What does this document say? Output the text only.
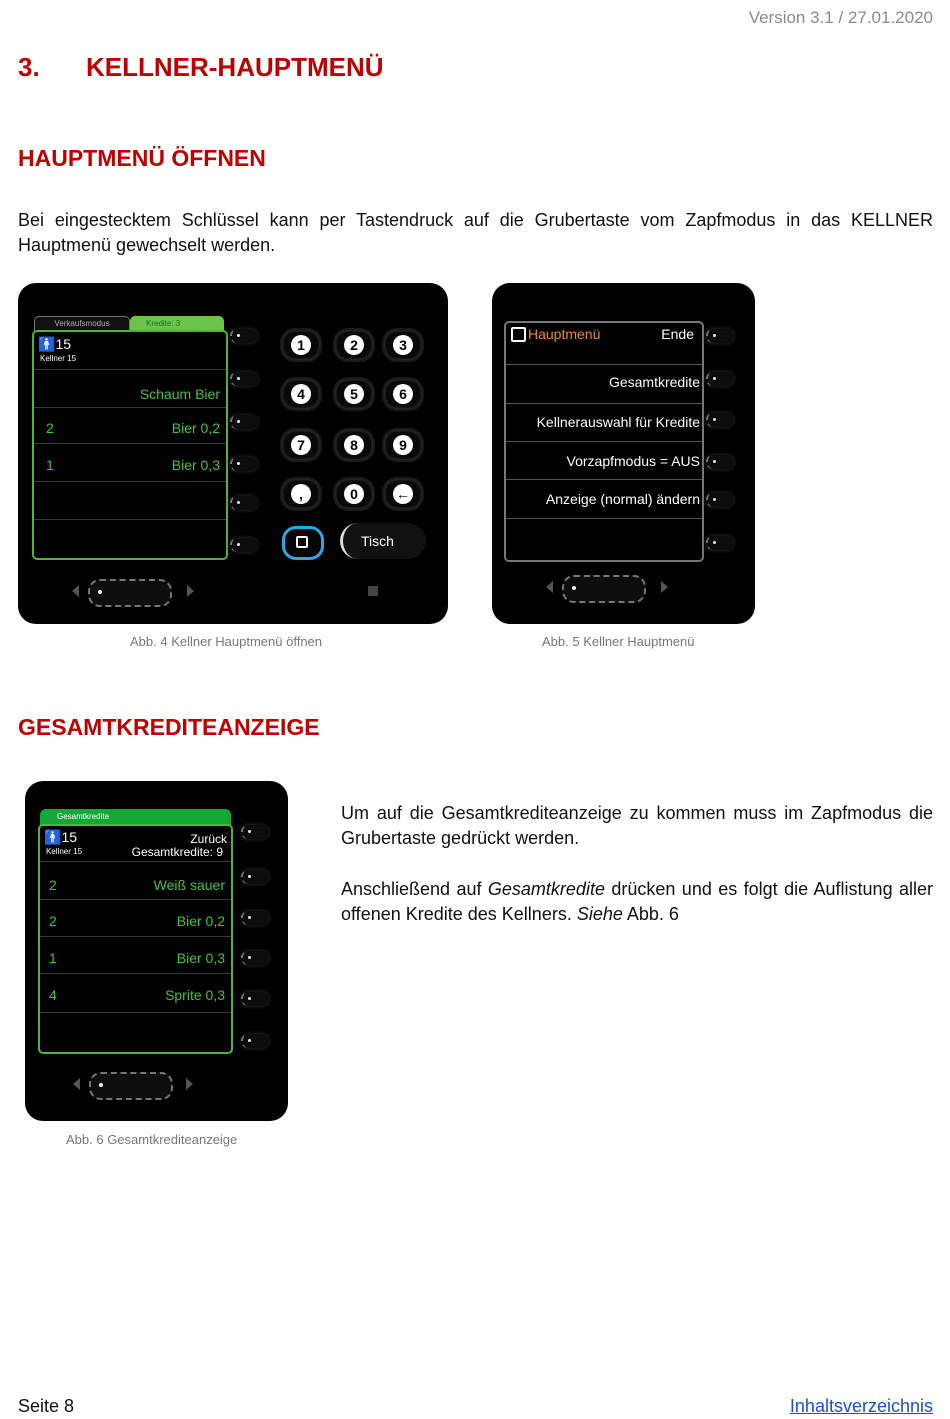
Version 3.1 / 27.01.2020
3. KELLNER-HAUPTMENÜ
HAUPTMENÜ ÖFFNEN
Bei eingestecktem Schlüssel kann per Tastendruck auf die Grubertaste vom Zapfmodus in das KELLNER Hauptmenü gewechselt werden.
Verkaufsmodus	Kredite: 3
🚹15
Kellner 15
Schaum Bier
2	Bier 0,2
1	Bier 0,3
1	2	3
4	5	6
7	8	9
,	0	←
Tisch
Abb. 4 Kellner Hauptmenü öffnen
Hauptmenü	Ende
Gesamtkredite
Kellnerauswahl für Kredite
Vorzapfmodus = AUS
Anzeige (normal) ändern
Abb. 5 Kellner Hauptmenü
GESAMTKREDITEANZEIGE
Gesamtkredite
🚹15
Kellner 15
Zurück
Gesamtkredite: 9
2	Weiß sauer
2	Bier 0,2
1	Bier 0,3
4	Sprite 0,3
Abb. 6 Gesamtkrediteanzeige
Um auf die Gesamtkrediteanzeige zu kommen muss im Zapfmodus die Grubertaste gedrückt werden.
Anschließend auf Gesamtkredite drücken und es folgt die Auflistung aller offenen Kredite des Kellners. Siehe Abb. 6
Seite 8	Inhaltsverzeichnis
